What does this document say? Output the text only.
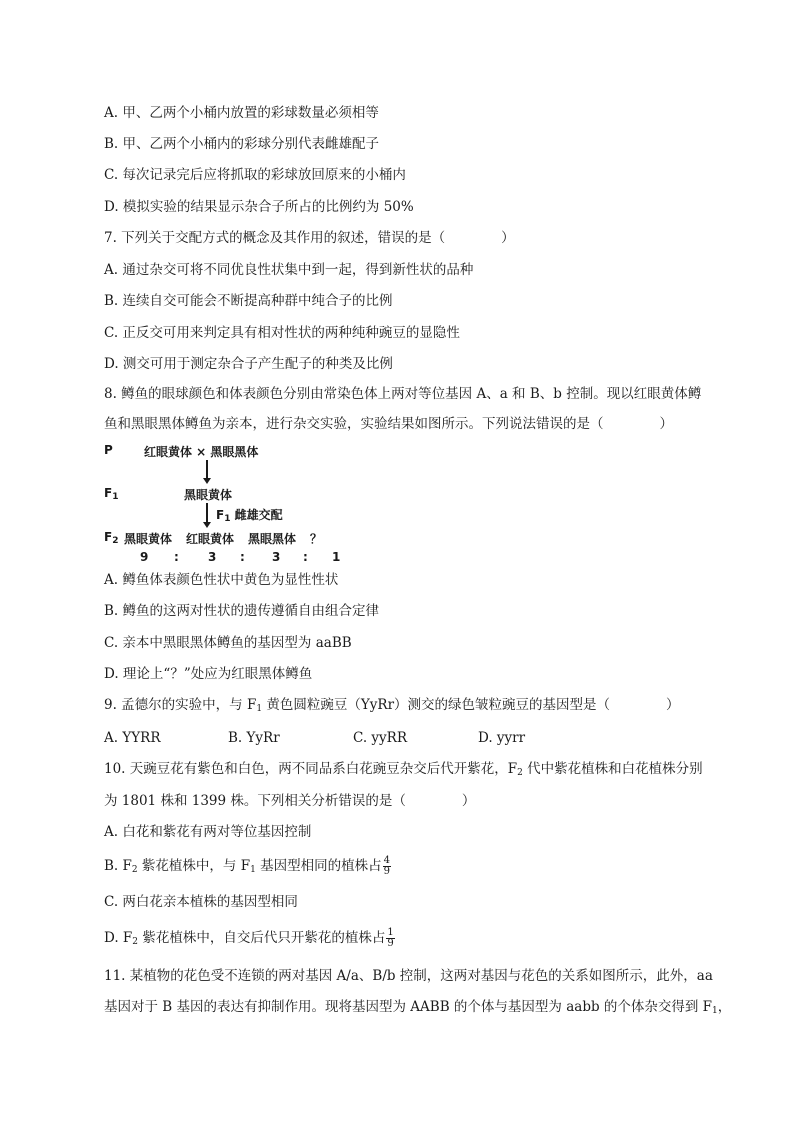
A. 甲、乙两个小桶内放置的彩球数量必须相等
B. 甲、乙两个小桶内的彩球分别代表雌雄配子
C. 每次记录完后应将抓取的彩球放回原来的小桶内
D. 模拟实验的结果显示杂合子所占的比例约为 50%
7. 下列关于交配方式的概念及其作用的叙述，错误的是（	）
A. 通过杂交可将不同优良性状集中到一起，得到新性状的品种
B. 连续自交可能会不断提高种群中纯合子的比例
C. 正反交可用来判定具有相对性状的两种纯种豌豆的显隐性
D. 测交可用于测定杂合子产生配子的种类及比例
8. 鳟鱼的眼球颜色和体表颜色分别由常染色体上两对等位基因 A、a 和 B、b 控制。现以红眼黄体鳟
鱼和黑眼黑体鳟鱼为亲本，进行杂交实验，实验结果如图所示。下列说法错误的是（	）
P	红眼黄体 × 黑眼黑体
$F_1$	黑眼黄体
$F_1$ 雌雄交配
$F_2$ 黑眼黄体 红眼黄体 黑眼黑体 ？
9 : 3 : 3 : 1
A. 鳟鱼体表颜色性状中黄色为显性性状
B. 鳟鱼的这两对性状的遗传遵循自由组合定律
C. 亲本中黑眼黑体鳟鱼的基因型为 aaBB
D. 理论上“？”处应为红眼黑体鳟鱼
9. 孟德尔的实验中，与 $F_1$ 黄色圆粒豌豆（YyRr）测交的绿色皱粒豌豆的基因型是（	）
A. YYRR	B. YyRr	C. yyRR	D. yyrr
10. 天豌豆花有紫色和白色，两不同品系白花豌豆杂交后代开紫花，$F_2$ 代中紫花植株和白花植株分别
为 1801 株和 1399 株。下列相关分析错误的是（	）
A. 白花和紫花有两对等位基因控制
B. $F_2$ 紫花植株中，与 $F_1$ 基因型相同的植株占 $\frac{4}{9}$
C. 两白花亲本植株的基因型相同
D. $F_2$ 紫花植株中，自交后代只开紫花的植株占 $\frac{1}{9}$
11. 某植物的花色受不连锁的两对基因 A/a、B/b 控制，这两对基因与花色的关系如图所示，此外，aa
基因对于 B 基因的表达有抑制作用。现将基因型为 AABB 的个体与基因型为 aabb 的个体杂交得到 $F_1$，
